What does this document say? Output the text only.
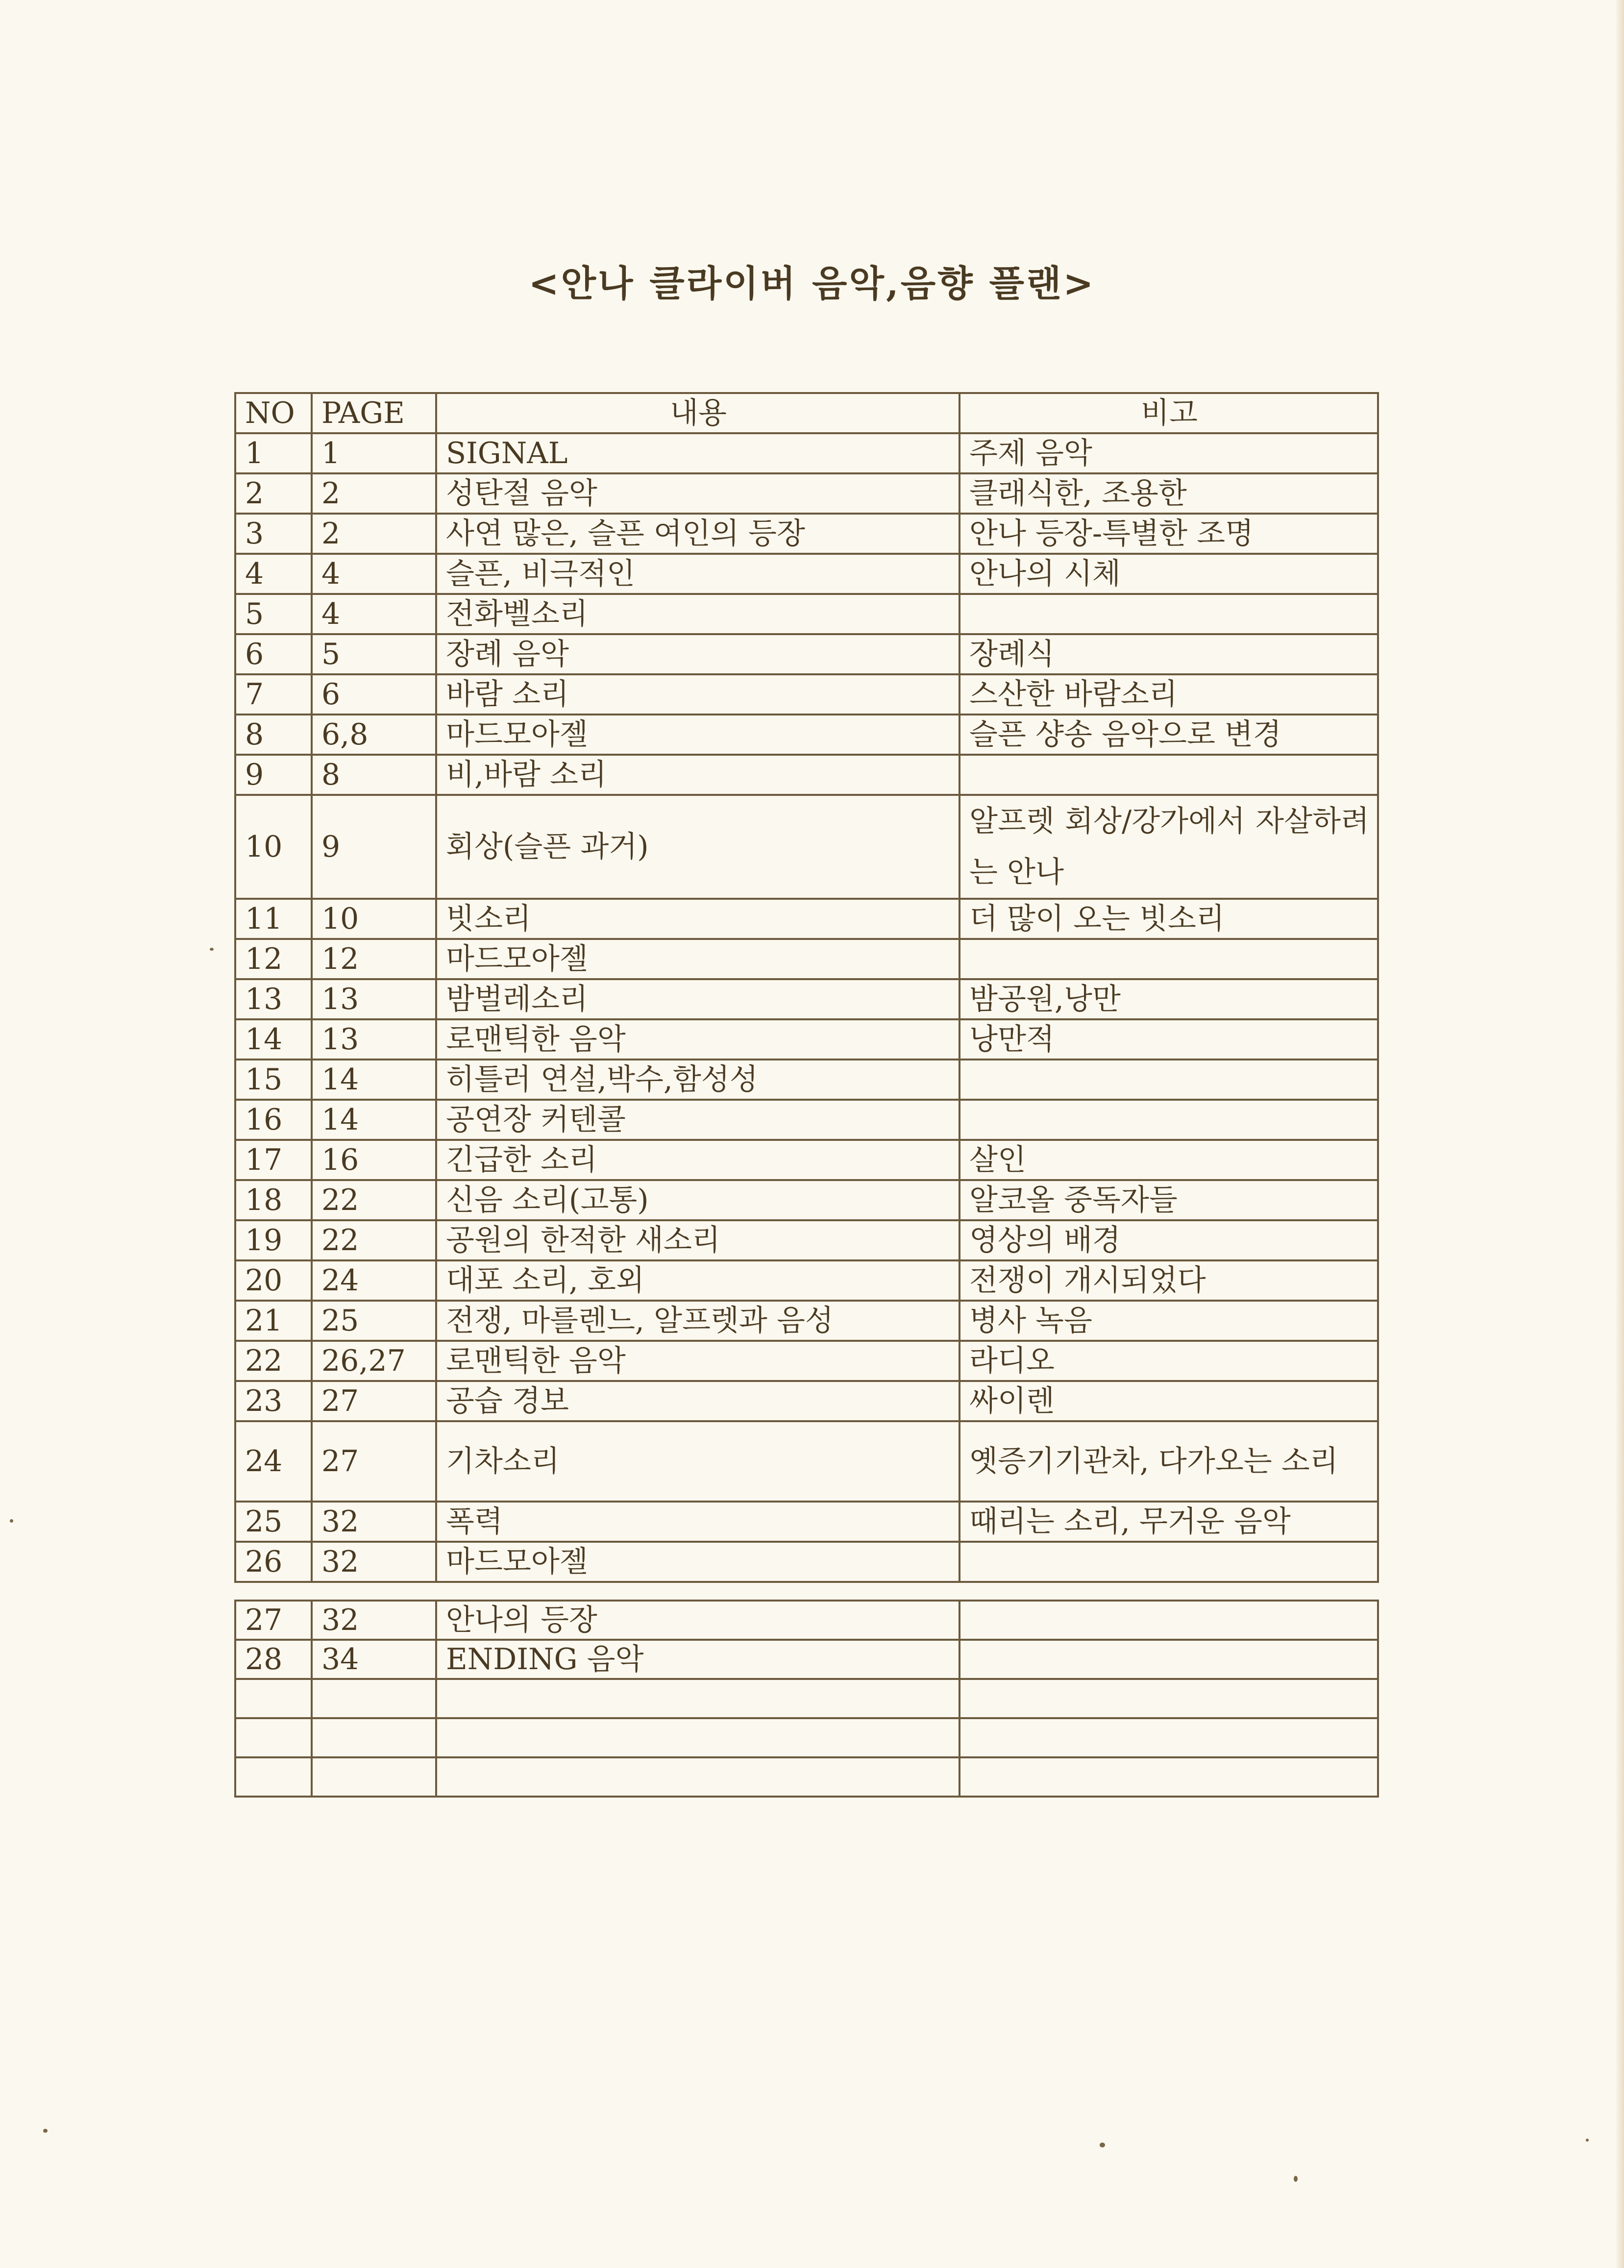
<안나 클라이버 음악,음향 플랜>
NO	PAGE	내용	비고
1	1	SIGNAL	주제 음악
2	2	성탄절 음악	클래식한, 조용한
3	2	사연 많은, 슬픈 여인의 등장	안나 등장-특별한 조명
4	4	슬픈, 비극적인	안나의 시체
5	4	전화벨소리	
6	5	장례 음악	장례식
7	6	바람 소리	스산한 바람소리
8	6,8	마드모아젤	슬픈 샹송 음악으로 변경
9	8	비,바람 소리	
10	9	회상(슬픈 과거)	알프렛 회상/강가에서 자살하려는 안나
11	10	빗소리	더 많이 오는 빗소리
12	12	마드모아젤	
13	13	밤벌레소리	밤공원,낭만
14	13	로맨틱한 음악	낭만적
15	14	히틀러 연설,박수,함성성	
16	14	공연장 커텐콜	
17	16	긴급한 소리	살인
18	22	신음 소리(고통)	알코올 중독자들
19	22	공원의 한적한 새소리	영상의 배경
20	24	대포 소리, 호외	전쟁이 개시되었다
21	25	전쟁, 마를렌느, 알프렛과 음성	병사 녹음
22	26,27	로맨틱한 음악	라디오
23	27	공습 경보	싸이렌
24	27	기차소리	옛증기기관차, 다가오는 소리
25	32	폭력	때리는 소리, 무거운 음악
26	32	마드모아젤	
27	32	안나의 등장	
28	34	ENDING 음악	
